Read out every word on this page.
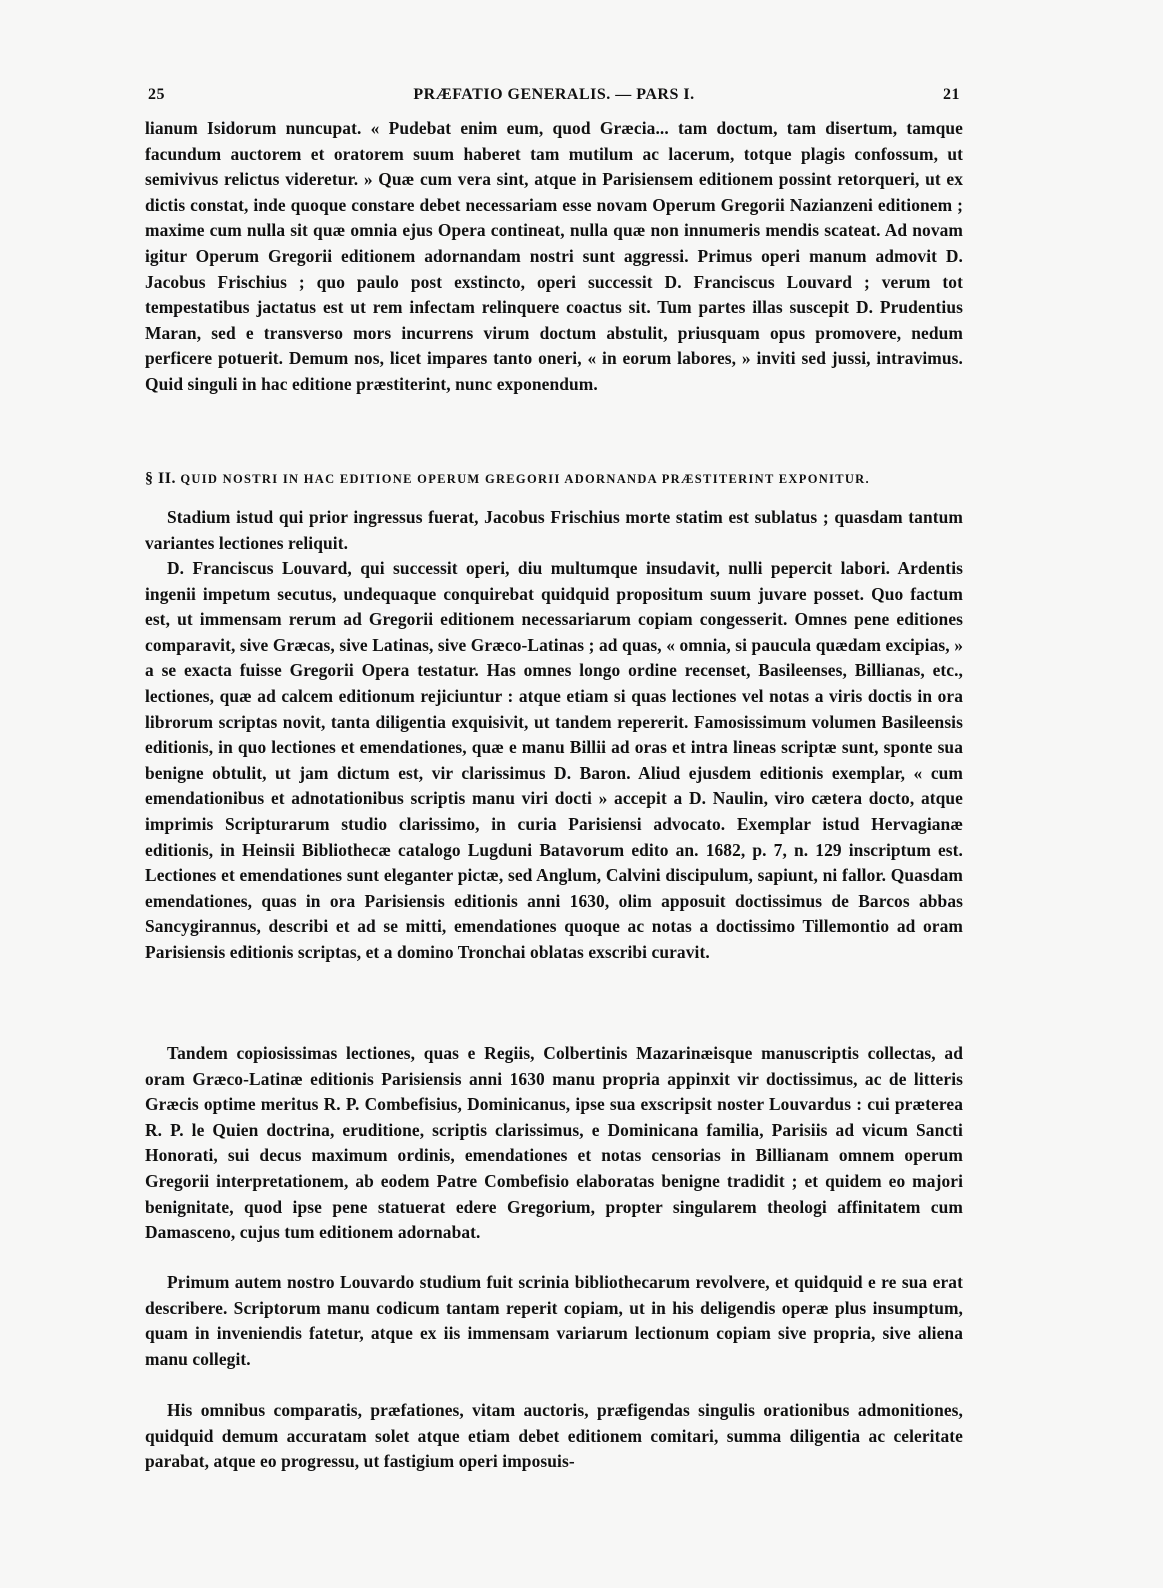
25	PRÆFATIO GENERALIS. — PARS I.	21

lianum Isidorum nuncupat. « Pudebat enim eum, quod Græcia... tam doctum, tam disertum, tamque facundum auctorem et oratorem suum haberet tam mutilum ac lacerum, totque plagis confossum, ut semivivus relictus videretur. » Quæ cum vera sint, atque in Parisiensem editionem possint retorqueri, ut ex dictis constat, inde quoque constare debet necessariam esse novam Operum Gregorii Nazianzeni editionem ; maxime cum nulla sit quæ omnia ejus Opera contineat, nulla quæ non innumeris mendis scateat. Ad novam igitur Operum Gregorii editionem adornandam nostri sunt aggressi. Primus operi manum admovit D. Jacobus Frischius ; quo paulo post exstincto, operi successit D. Franciscus Louvard ; verum tot tempestatibus jactatus est ut rem infectam relinquere coactus sit. Tum partes illas suscepit D. Prudentius Maran, sed e transverso mors incurrens virum doctum abstulit, priusquam opus promovere, nedum perficere potuerit. Demum nos, licet impares tanto oneri, « in eorum labores, » inviti sed jussi, intravimus. Quid singuli in hac editione præstiterint, nunc exponendum.

§ II. QUID NOSTRI IN HAC EDITIONE OPERUM GREGORII ADORNANDA PRÆSTITERINT EXPONITUR.

Stadium istud qui prior ingressus fuerat, Jacobus Frischius morte statim est sublatus ; quasdam tantum variantes lectiones reliquit.

D. Franciscus Louvard, qui successit operi, diu multumque insudavit, nulli pepercit labori. Ardentis ingenii impetum secutus, undequaque conquirebat quidquid propositum suum juvare posset. Quo factum est, ut immensam rerum ad Gregorii editionem necessariarum copiam congesserit. Omnes pene editiones comparavit, sive Græcas, sive Latinas, sive Græco-Latinas ; ad quas, « omnia, si paucula quædam excipias, » a se exacta fuisse Gregorii Opera testatur. Has omnes longo ordine recenset, Basileenses, Billianas, etc., lectiones, quæ ad calcem editionum rejiciuntur : atque etiam si quas lectiones vel notas a viris doctis in ora librorum scriptas novit, tanta diligentia exquisivit, ut tandem repererit. Famosissimum volumen Basileensis editionis, in quo lectiones et emendationes, quæ e manu Billii ad oras et intra lineas scriptæ sunt, sponte sua benigne obtulit, ut jam dictum est, vir clarissimus D. Baron. Aliud ejusdem editionis exemplar, « cum emendationibus et adnotationibus scriptis manu viri docti » accepit a D. Naulin, viro cætera docto, atque imprimis Scripturarum studio clarissimo, in curia Parisiensi advocato. Exemplar istud Hervagianæ editionis, in Heinsii Bibliothecæ catalogo Lugduni Batavorum edito an. 1682, p. 7, n. 129 inscriptum est. Lectiones et emendationes sunt eleganter pictæ, sed Anglum, Calvini discipulum, sapiunt, ni fallor. Quasdam emendationes, quas in ora Parisiensis editionis anni 1630, olim apposuit doctissimus de Barcos abbas Sancygirannus, describi et ad se mitti, emendationes quoque ac notas a doctissimo Tillemontio ad oram Parisiensis editionis scriptas, et a domino Tronchai oblatas exscribi curavit.

Tandem copiosissimas lectiones, quas e Regiis, Colbertinis Mazarinæisque manuscriptis collectas, ad oram Græco-Latinæ editionis Parisiensis anni 1630 manu propria appinxit vir doctissimus, ac de litteris Græcis optime meritus R. P. Combefisius, Dominicanus, ipse sua exscripsit noster Louvardus : cui præterea R. P. le Quien doctrina, eruditione, scriptis clarissimus, e Dominicana familia, Parisiis ad vicum Sancti Honorati, sui decus maximum ordinis, emendationes et notas censorias in Billianam omnem operum Gregorii interpretationem, ab eodem Patre Combefisio elaboratas benigne tradidit ; et quidem eo majori benignitate, quod ipse pene statuerat edere Gregorium, propter singularem theologi affinitatem cum Damasceno, cujus tum editionem adornabat.

Primum autem nostro Louvardo studium fuit scrinia bibliothecarum revolvere, et quidquid e re sua erat describere. Scriptorum manu codicum tantam reperit copiam, ut in his deligendis operæ plus insumptum, quam in inveniendis fatetur, atque ex iis immensam variarum lectionum copiam sive propria, sive aliena manu collegit.

His omnibus comparatis, præfationes, vitam auctoris, præfigendas singulis orationibus admonitiones, quidquid demum accuratam solet atque etiam debet editionem comitari, summa diligentia ac celeritate parabat, atque eo progressu, ut fastigium operi imposuis-
